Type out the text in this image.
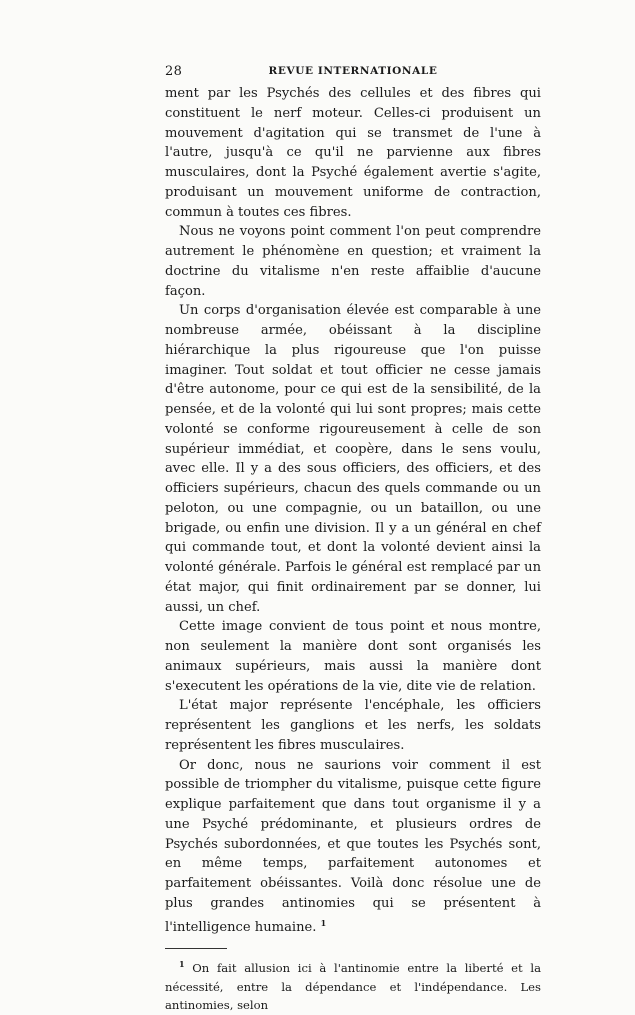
28	REVUE INTERNATIONALE

ment par les Psychés des cellules et des fibres qui constituent le nerf moteur. Celles-ci produisent un mouvement d'agitation qui se transmet de l'une à l'autre, jusqu'à ce qu'il ne parvienne aux fibres musculaires, dont la Psyché également avertie s'agite, produisant un mouvement uniforme de contraction, commun à toutes ces fibres.

Nous ne voyons point comment l'on peut comprendre autrement le phénomène en question; et vraiment la doctrine du vitalisme n'en reste affaiblie d'aucune façon.

Un corps d'organisation élevée est comparable à une nombreuse armée, obéissant à la discipline hiérarchique la plus rigoureuse que l'on puisse imaginer. Tout soldat et tout officier ne cesse jamais d'être autonome, pour ce qui est de la sensibilité, de la pensée, et de la volonté qui lui sont propres; mais cette volonté se conforme rigoureusement à celle de son supérieur immédiat, et coopère, dans le sens voulu, avec elle. Il y a des sous officiers, des officiers, et des officiers supérieurs, chacun des quels commande ou un peloton, ou une compagnie, ou un bataillon, ou une brigade, ou enfin une division. Il y a un général en chef qui commande tout, et dont la volonté devient ainsi la volonté générale. Parfois le général est remplacé par un état major, qui finit ordinairement par se donner, lui aussi, un chef.

Cette image convient de tous point et nous montre, non seulement la manière dont sont organisés les animaux supérieurs, mais aussi la manière dont s'executent les opérations de la vie, dite vie de relation.

L'état major représente l'encéphale, les officiers représentent les ganglions et les nerfs, les soldats représentent les fibres musculaires.

Or donc, nous ne saurions voir comment il est possible de triompher du vitalisme, puisque cette figure explique parfaitement que dans tout organisme il y a une Psyché prédominante, et plusieurs ordres de Psychés subordonnées, et que toutes les Psychés sont, en même temps, parfaitement autonomes et parfaitement obéissantes. Voilà donc résolue une de plus grandes antinomies qui se présentent à l'intelligence humaine. $^1$

$^1$ On fait allusion ici à l'antinomie entre la liberté et la nécessité, entre la dépendance et l'indépendance. Les antinomies, selon
